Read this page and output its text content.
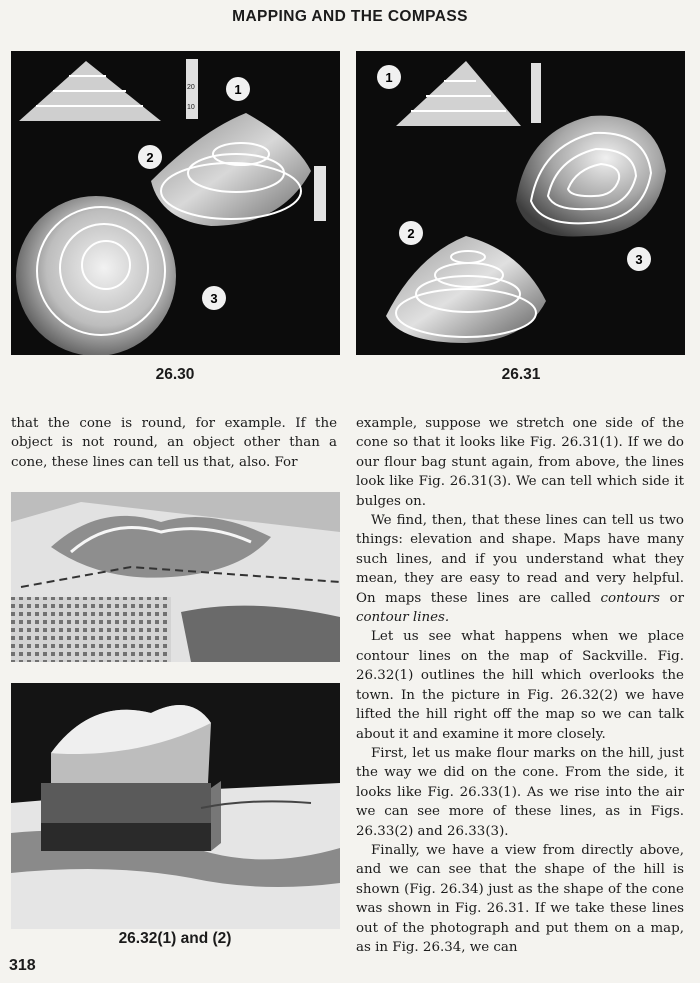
MAPPING AND THE COMPASS
20
10
1
2
3
26.30
1
2
3
26.31

that the cone is round, for example. If the object is not round, an object other than a cone, these lines can tell us that, also. For

26.32(1) and (2)

example, suppose we stretch one side of the cone so that it looks like Fig. 26.31(1). If we do our flour bag stunt again, from above, the lines look like Fig. 26.31(3). We can tell which side it bulges on.

We find, then, that these lines can tell us two things: elevation and shape. Maps have many such lines, and if you understand what they mean, they are easy to read and very helpful. On maps these lines are called contours or contour lines.

Let us see what happens when we place contour lines on the map of Sackville. Fig. 26.32(1) outlines the hill which overlooks the town. In the picture in Fig. 26.32(2) we have lifted the hill right off the map so we can talk about it and examine it more closely.

First, let us make flour marks on the hill, just the way we did on the cone. From the side, it looks like Fig. 26.33(1). As we rise into the air we can see more of these lines, as in Figs. 26.33(2) and 26.33(3).

Finally, we have a view from directly above, and we can see that the shape of the hill is shown (Fig. 26.34) just as the shape of the cone was shown in Fig. 26.31. If we take these lines out of the photograph and put them on a map, as in Fig. 26.34, we can

318
